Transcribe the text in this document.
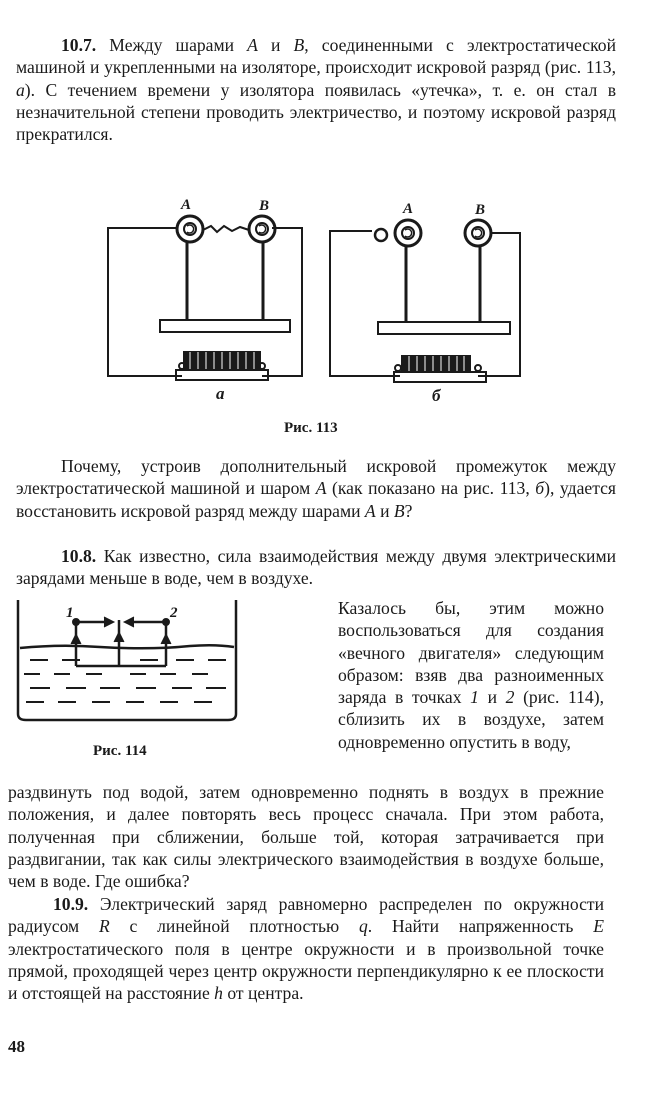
10.7. Между шарами A и B, соединенными с электростатической машиной и укрепленными на изоляторе, происходит искровой разряд (рис. 113, а). С течением времени у изолятора появилась «утечка», т. е. он стал в незначительной степени проводить электричество, и поэтому искровой разряд прекратился.

A	B	A	B
а	б
Рис. 113

Почему, устроив дополнительный искровой промежуток между электростатической машиной и шаром A (как показано на рис. 113, б), удается восстановить искровой разряд между шарами A и B?

10.8. Как известно, сила взаимодействия между двумя электрическими зарядами меньше в воде, чем в воздухе.

1	2
Рис. 114

Казалось бы, этим можно воспользоваться для создания «вечного двигателя» следующим образом: взяв два разноименных заряда в точках 1 и 2 (рис. 114), сблизить их в воздухе, затем одновременно опустить в воду,

раздвинуть под водой, затем одновременно поднять в воздух в прежние положения, и далее повторять весь процесс сначала. При этом работа, полученная при сближении, больше той, которая затрачивается при раздвигании, так как силы электрического взаимодействия в воздухе больше, чем в воде. Где ошибка?

10.9. Электрический заряд равномерно распределен по окружности радиусом R с линейной плотностью q. Найти напряженность E электростатического поля в центре окружности и в произвольной точке прямой, проходящей через центр окружности перпендикулярно к ее плоскости и отстоящей на расстояние h от центра.

48
